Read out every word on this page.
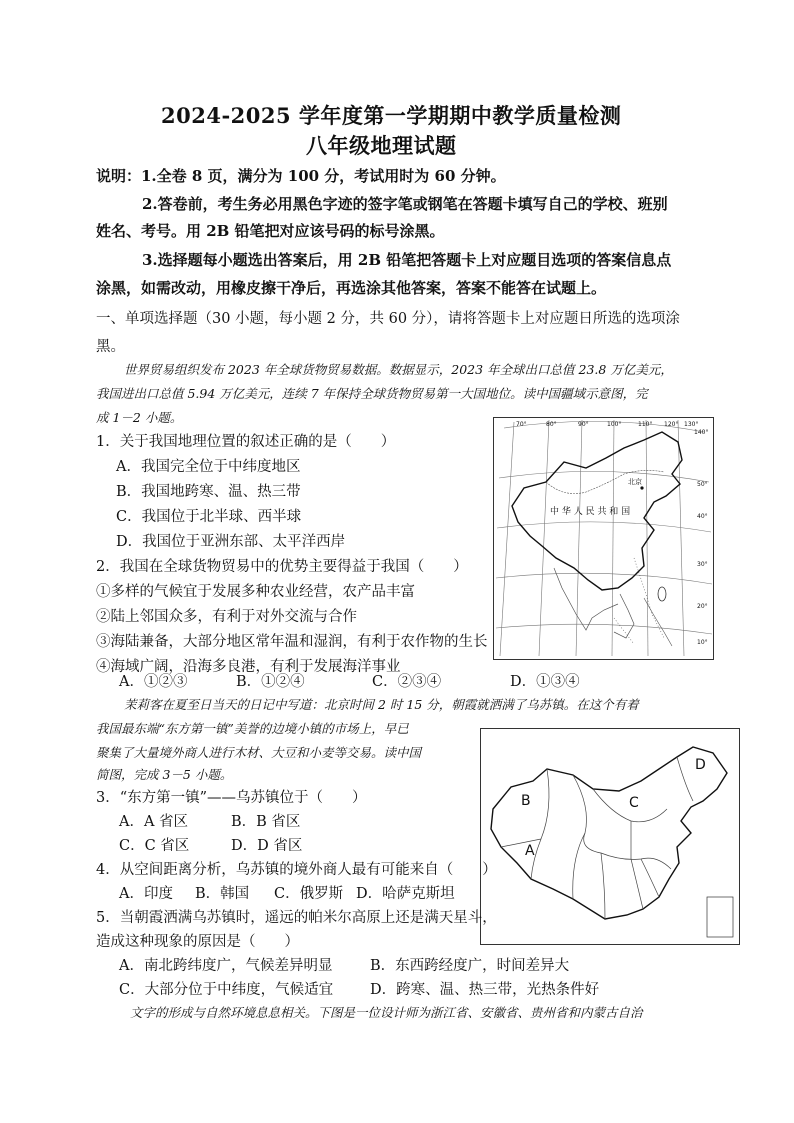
2024-2025 学年度第一学期期中教学质量检测
八年级地理试题
说明：1.全卷 8 页，满分为 100 分，考试用时为 60 分钟。
2.答卷前，考生务必用黑色字迹的签字笔或钢笔在答题卡填写自己的学校、班别
姓名、考号。用 2B 铅笔把对应该号码的标号涂黑。
3.选择题每小题选出答案后，用 2B 铅笔把答题卡上对应题目选项的答案信息点
涂黑，如需改动，用橡皮擦干净后，再选涂其他答案，答案不能答在试题上。
一、单项选择题（30 小题，每小题 2 分，共 60 分），请将答题卡上对应题日所选的选项涂
黑。
世界贸易组织发布 2023 年全球货物贸易数据。数据显示，2023 年全球出口总值 23.8 万亿美元，
我国进出口总值 5.94 万亿美元，连续 7 年保持全球货物贸易第一大国地位。读中国疆域示意图，完
成 1－2 小题。
1．关于我国地理位置的叙述正确的是（　　）
A．我国完全位于中纬度地区
B．我国地跨寒、温、热三带
C．我国位于北半球、西半球
D．我国位于亚洲东部、太平洋西岸
2．我国在全球货物贸易中的优势主要得益于我国（　　）
①多样的气候宜于发展多种农业经营，农产品丰富
②陆上邻国众多，有利于对外交流与合作
③海陆兼备，大部分地区常年温和湿润，有利于农作物的生长
④海域广阔，沿海多良港，有利于发展海洋事业
A．①②③	B．①②④	C．②③④	D．①③④
70°	80°	90°	100°	110° 120° 130°
140°
50°
40°
30°
20°
10°
北京
中 华 人 民 共 和 国
茉莉客在夏至日当天的日记中写道：北京时间 2 时 15 分，朝霞就洒满了乌苏镇。在这个有着
我国最东端“东方第一镇”美誉的边境小镇的市场上，早已
聚集了大量境外商人进行木材、大豆和小麦等交易。读中国
简图，完成 3－5 小题。
B
A
C
D
3．“东方第一镇”——乌苏镇位于（　　）
A．A 省区	B．B 省区
C．C 省区	D．D 省区
4．从空间距离分析，乌苏镇的境外商人最有可能来自（　　）
A．印度 B．韩国 C．俄罗斯 D．哈萨克斯坦
5．当朝霞洒满乌苏镇时，遥远的帕米尔高原上还是满天星斗，
造成这种现象的原因是（　　）
A．南北跨纬度广，气候差异明显	B．东西跨经度广，时间差异大
C．大部分位于中纬度，气候适宜	D．跨寒、温、热三带，光热条件好
文字的形成与自然环境息息相关。下图是一位设计师为浙江省、安徽省、贵州省和内蒙古自治
